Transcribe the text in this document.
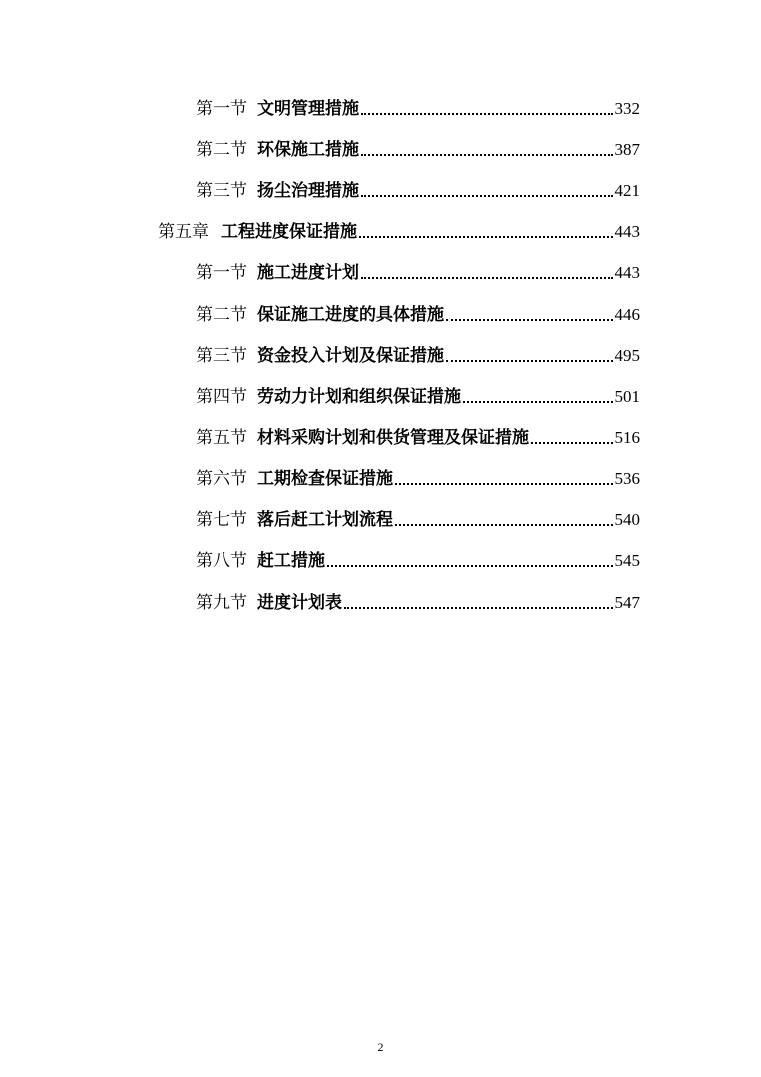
第一节 文明管理措施	332
第二节 环保施工措施	387
第三节 扬尘治理措施	421
第五章 工程进度保证措施	443
第一节 施工进度计划	443
第二节 保证施工进度的具体措施	446
第三节 资金投入计划及保证措施	495
第四节 劳动力计划和组织保证措施	501
第五节 材料采购计划和供货管理及保证措施	516
第六节 工期检查保证措施	536
第七节 落后赶工计划流程	540
第八节 赶工措施	545
第九节 进度计划表	547
2
